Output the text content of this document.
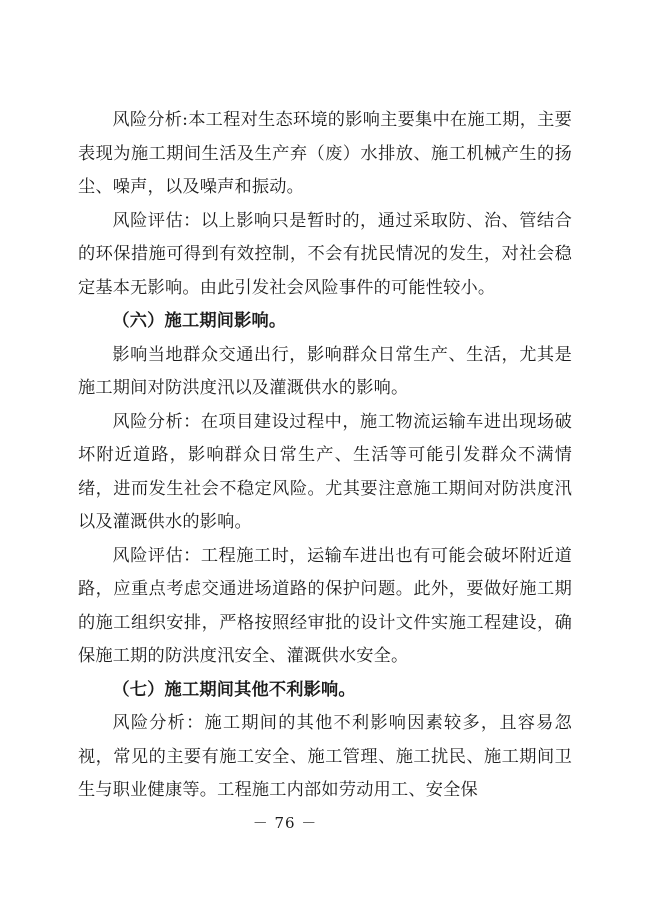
风险分析:本工程对生态环境的影响主要集中在施工期，主要表现为施工期间生活及生产弃（废）水排放、施工机械产生的扬尘、噪声，以及噪声和振动。

风险评估：以上影响只是暂时的，通过采取防、治、管结合的环保措施可得到有效控制，不会有扰民情况的发生，对社会稳定基本无影响。由此引发社会风险事件的可能性较小。

（六）施工期间影响。

影响当地群众交通出行，影响群众日常生产、生活，尤其是施工期间对防洪度汛以及灌溉供水的影响。

风险分析：在项目建设过程中，施工物流运输车进出现场破坏附近道路，影响群众日常生产、生活等可能引发群众不满情绪，进而发生社会不稳定风险。尤其要注意施工期间对防洪度汛以及灌溉供水的影响。

风险评估：工程施工时，运输车进出也有可能会破坏附近道路，应重点考虑交通进场道路的保护问题。此外，要做好施工期的施工组织安排，严格按照经审批的设计文件实施工程建设，确保施工期的防洪度汛安全、灌溉供水安全。

（七）施工期间其他不利影响。

风险分析：施工期间的其他不利影响因素较多，且容易忽视，常见的主要有施工安全、施工管理、施工扰民、施工期间卫生与职业健康等。工程施工内部如劳动用工、安全保

－ 76 －
